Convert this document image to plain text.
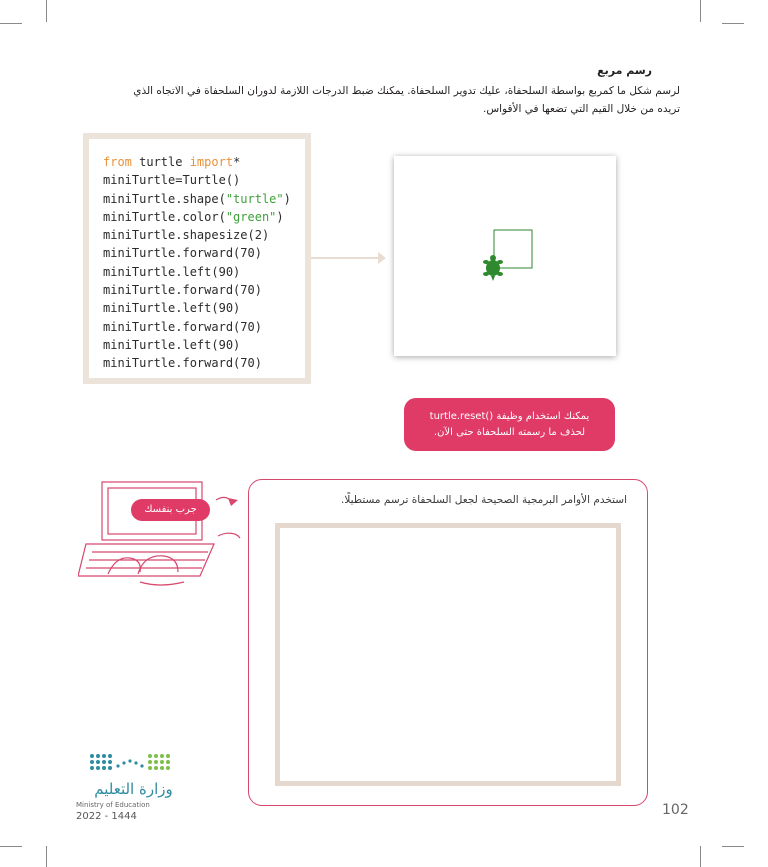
رسم مربع
لرسم شكل ما كمربع بواسطة السلحفاة، عليك تدوير السلحفاة. يمكنك ضبط الدرجات اللازمة لدوران السلحفاة في الاتجاه الذي
تريده من خلال القيم التي تضعها في الأقواس.
from turtle import*
miniTurtle=Turtle()
miniTurtle.shape("turtle")
miniTurtle.color("green")
miniTurtle.shapesize(2)
miniTurtle.forward(70)
miniTurtle.left(90)
miniTurtle.forward(70)
miniTurtle.left(90)
miniTurtle.forward(70)
miniTurtle.left(90)
miniTurtle.forward(70)
يمكنك استخدام وظيفة ()turtle.reset
لحذف ما رسمته السلحفاة حتى الآن.
جرب بنفسك
استخدم الأوامر البرمجية الصحيحة لجعل السلحفاة ترسم مستطيلًا.
وزارة التعليم
Ministry of Education
2022 - 1444	102
